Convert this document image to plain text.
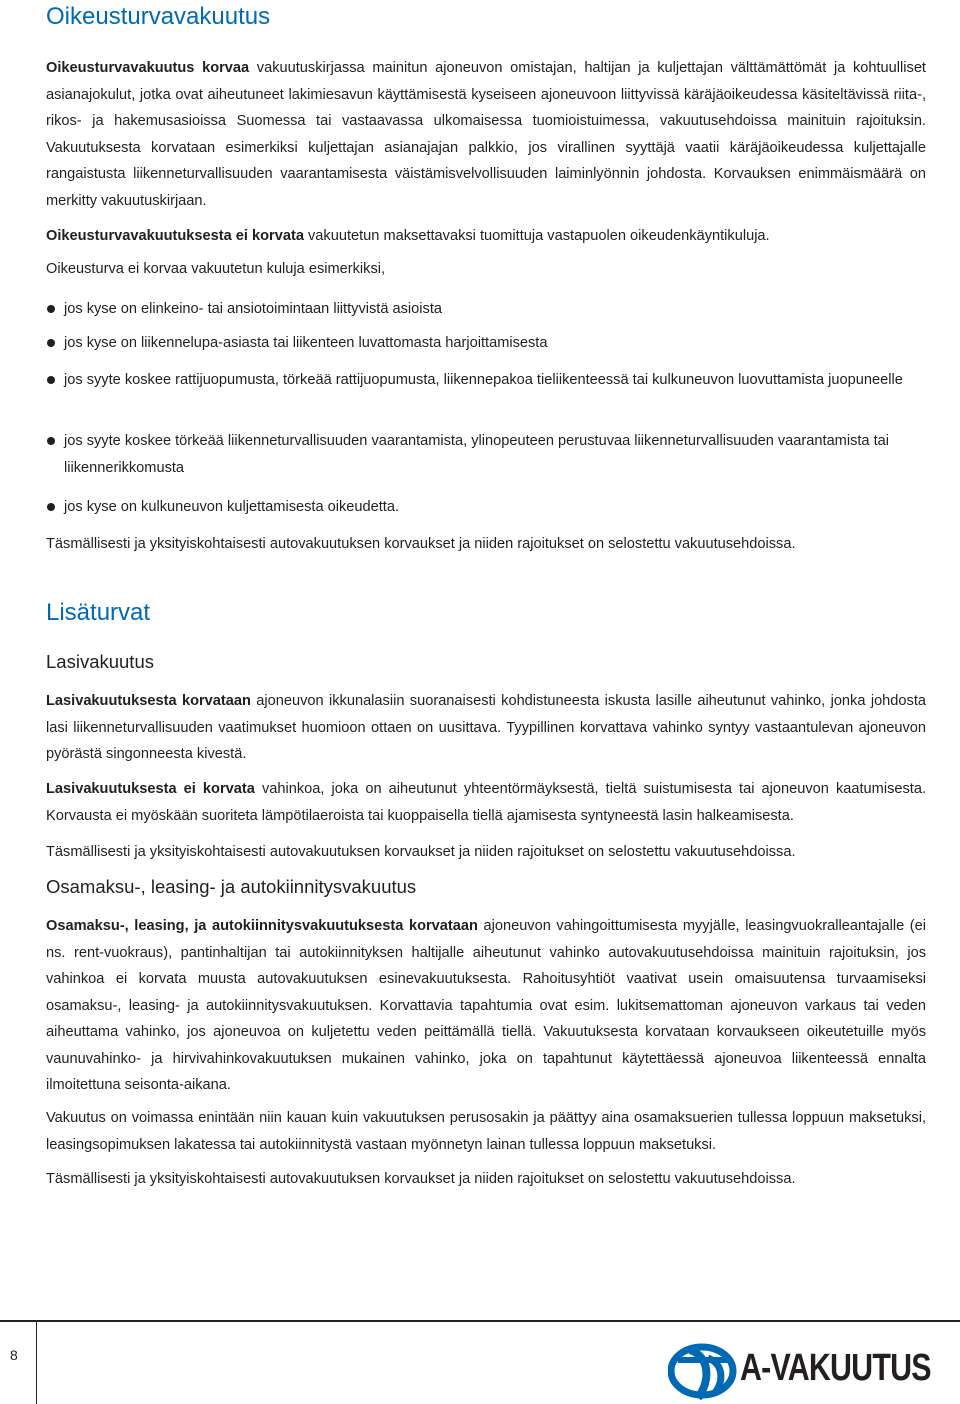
Oikeusturvavakuutus

Oikeusturvavakuutus korvaa vakuutuskirjassa mainitun ajoneuvon omistajan, haltijan ja kuljettajan välttämättömät ja kohtuulliset asianajokulut, jotka ovat aiheutuneet lakimiesavun käyttämisestä kyseiseen ajoneuvoon liittyvissä käräjäoikeudessa käsiteltävissä riita-, rikos- ja hakemusasioissa Suomessa tai vastaavassa ulkomaisessa tuomioistuimessa, vakuutusehdoissa mainituin rajoituksin. Vakuutuksesta korvataan esimerkiksi kuljettajan asianajajan palkkio, jos virallinen syyttäjä vaatii käräjäoikeudessa kuljettajalle rangaistusta liikenneturvallisuuden vaarantamisesta väistämisvelvollisuuden laiminlyönnin johdosta. Korvauksen enimmäismäärä on merkitty vakuutuskirjaan.

Oikeusturvavakuutuksesta ei korvata vakuutetun maksettavaksi tuomittuja vastapuolen oikeudenkäyntikuluja.

Oikeusturva ei korvaa vakuutetun kuluja esimerkiksi,

jos kyse on elinkeino- tai ansiotoimintaan liittyvistä asioista
jos kyse on liikennelupa-asiasta tai liikenteen luvattomasta harjoittamisesta
jos syyte koskee rattijuopumusta, törkeää rattijuopumusta, liikennepakoa tieliikenteessä tai kulkuneuvon luovuttamista juopuneelle
jos syyte koskee törkeää liikenneturvallisuuden vaarantamista, ylinopeuteen perustuvaa liikenneturvallisuuden vaarantamista tai liikennerikkomusta
jos kyse on kulkuneuvon kuljettamisesta oikeudetta.

Täsmällisesti ja yksityiskohtaisesti autovakuutuksen korvaukset ja niiden rajoitukset on selostettu vakuutusehdoissa.

Lisäturvat
Lasivakuutus

Lasivakuutuksesta korvataan ajoneuvon ikkunalasiin suoranaisesti kohdistuneesta iskusta lasille aiheutunut vahinko, jonka johdosta lasi liikenneturvallisuuden vaatimukset huomioon ottaen on uusittava. Tyypillinen korvattava vahinko syntyy vastaantulevan ajoneuvon pyörästä singonneesta kivestä.

Lasivakuutuksesta ei korvata vahinkoa, joka on aiheutunut yhteentörmäyksestä, tieltä suistumisesta tai ajoneuvon kaatumisesta. Korvausta ei myöskään suoriteta lämpötilaeroista tai kuoppaisella tiellä ajamisesta syntyneestä lasin halkeamisesta.

Täsmällisesti ja yksityiskohtaisesti autovakuutuksen korvaukset ja niiden rajoitukset on selostettu vakuutusehdoissa.

Osamaksu-, leasing- ja autokiinnitysvakuutus

Osamaksu-, leasing, ja autokiinnitysvakuutuksesta korvataan ajoneuvon vahingoittumisesta myyjälle, leasingvuokralleantajalle (ei ns. rent-vuokraus), pantinhaltijan tai autokiinnityksen haltijalle aiheutunut vahinko autovakuutusehdoissa mainituin rajoituksin, jos vahinkoa ei korvata muusta autovakuutuksen esinevakuutuksesta. Rahoitusyhtiöt vaativat usein omaisuutensa turvaamiseksi osamaksu-, leasing- ja autokiinnitysvakuutuksen. Korvattavia tapahtumia ovat esim. lukitsemattoman ajoneuvon varkaus tai veden aiheuttama vahinko, jos ajoneuvoa on kuljetettu veden peittämällä tiellä. Vakuutuksesta korvataan korvaukseen oikeutetuille myös vaunuvahinko- ja hirvivahinkovakuutuksen mukainen vahinko, joka on tapahtunut käytettäessä ajoneuvoa liikenteessä ennalta ilmoitettuna seisonta-aikana.

Vakuutus on voimassa enintään niin kauan kuin vakuutuksen perusosakin ja päättyy aina osamaksuerien tullessa loppuun maksetuksi, leasingsopimuksen lakatessa tai autokiinnitystä vastaan myönnetyn lainan tullessa loppuun maksetuksi.

Täsmällisesti ja yksityiskohtaisesti autovakuutuksen korvaukset ja niiden rajoitukset on selostettu vakuutusehdoissa.

8	A-VAKUUTUS
